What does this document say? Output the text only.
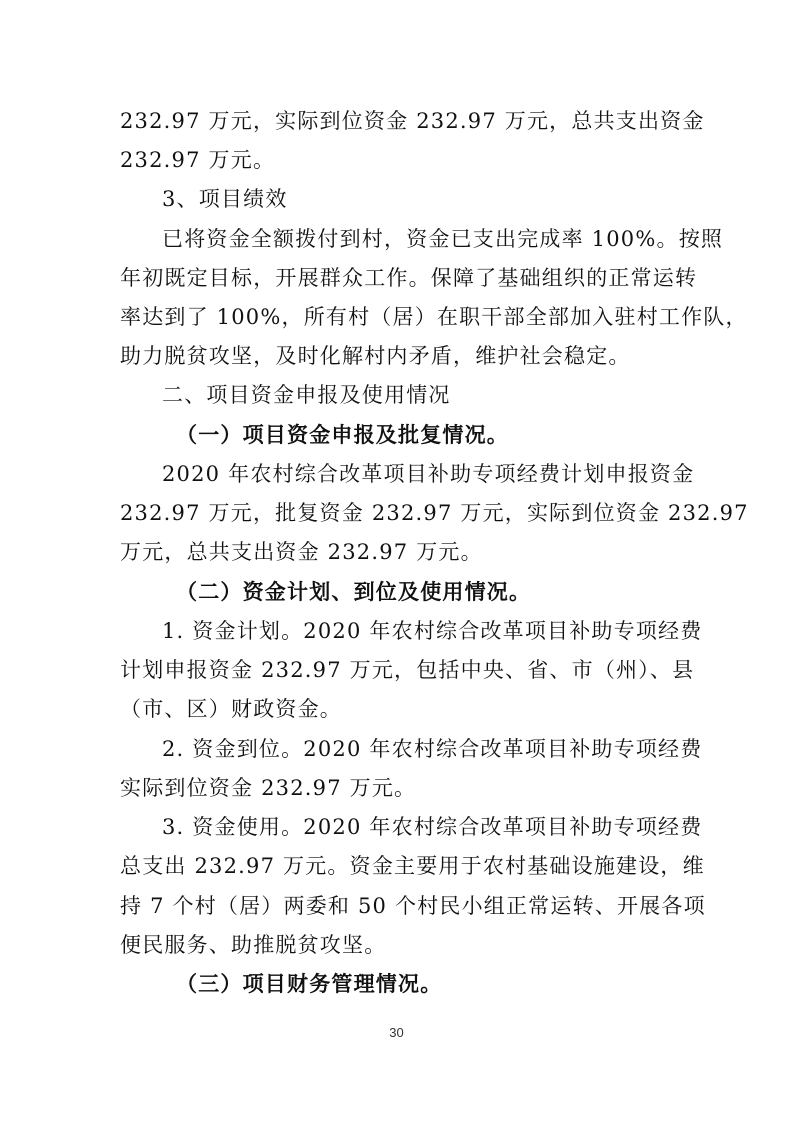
232.97 万元，实际到位资金 232.97 万元，总共支出资金
232.97 万元。
3、项目绩效
已将资金全额拨付到村，资金已支出完成率 100%。按照
年初既定目标，开展群众工作。保障了基础组织的正常运转
率达到了 100%，所有村（居）在职干部全部加入驻村工作队，
助力脱贫攻坚，及时化解村内矛盾，维护社会稳定。
二、项目资金申报及使用情况
（一）项目资金申报及批复情况。
2020 年农村综合改革项目补助专项经费计划申报资金
232.97 万元，批复资金 232.97 万元，实际到位资金 232.97
万元，总共支出资金 232.97 万元。
（二）资金计划、到位及使用情况。
1. 资金计划。2020 年农村综合改革项目补助专项经费
计划申报资金 232.97 万元，包括中央、省、市（州）、县
（市、区）财政资金。
2. 资金到位。2020 年农村综合改革项目补助专项经费
实际到位资金 232.97 万元。
3. 资金使用。2020 年农村综合改革项目补助专项经费
总支出 232.97 万元。资金主要用于农村基础设施建设，维
持 7 个村（居）两委和 50 个村民小组正常运转、开展各项
便民服务、助推脱贫攻坚。
（三）项目财务管理情况。
30
